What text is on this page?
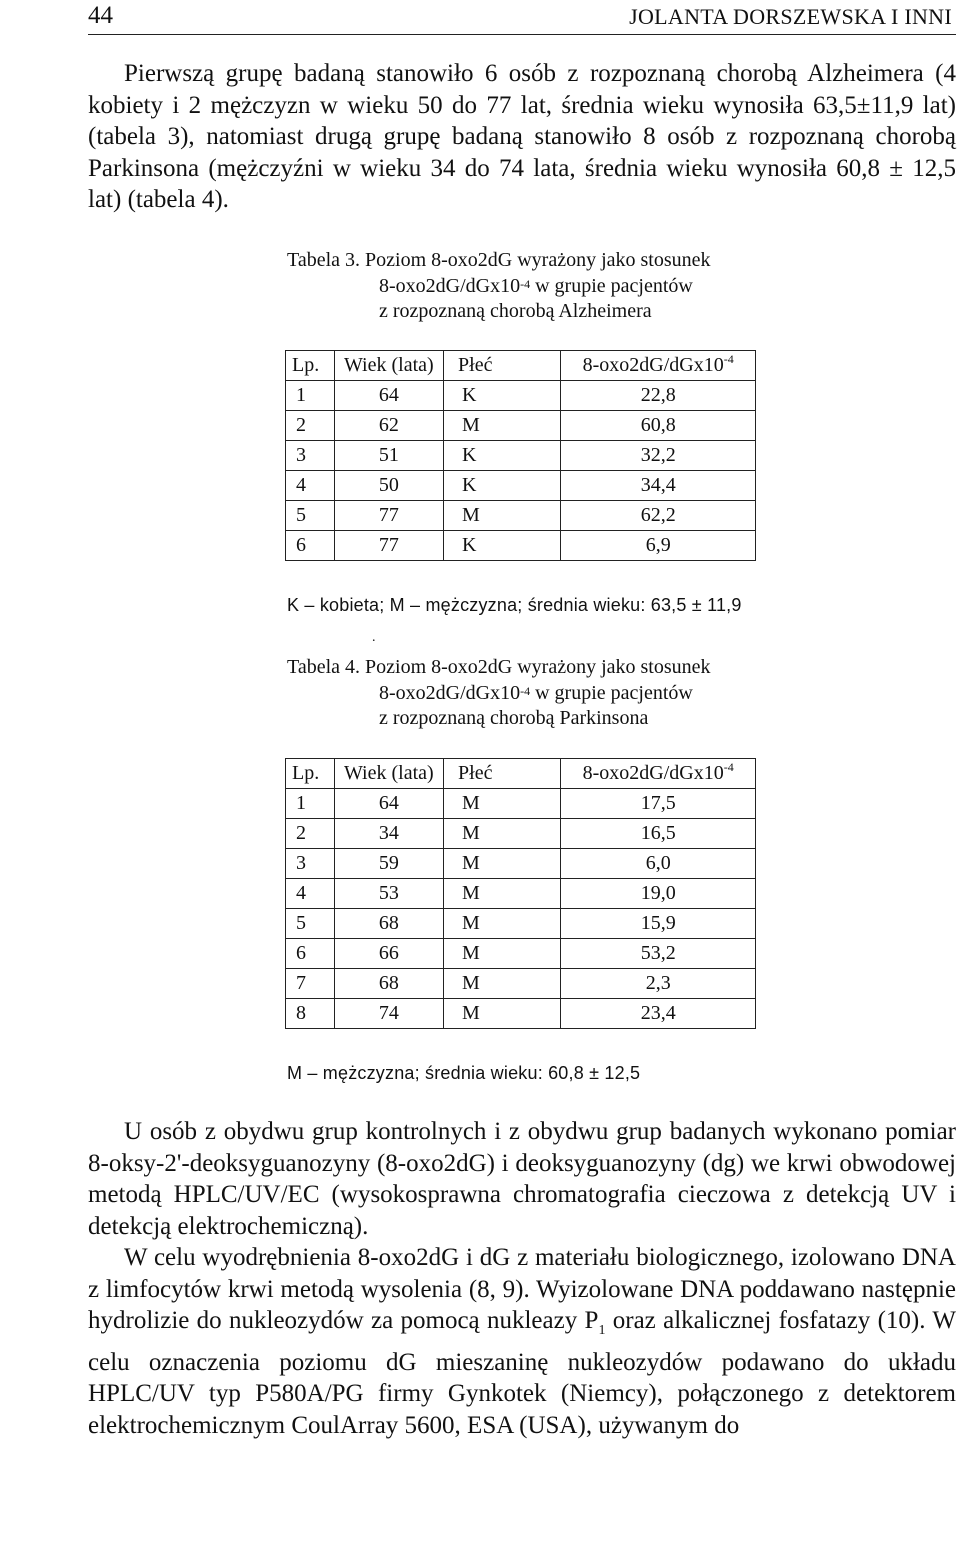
44	JOLANTA DORSZEWSKA I INNI

Pierwszą grupę badaną stanowiło 6 osób z rozpoznaną chorobą Alzheimera (4 kobiety i 2 mężczyzn w wieku 50 do 77 lat, średnia wieku wynosiła 63,5±11,9 lat) (tabela 3), natomiast drugą grupę badaną stanowiło 8 osób z rozpoznaną chorobą Parkinsona (mężczyźni w wieku 34 do 74 lata, średnia wieku wynosiła 60,8 ± 12,5 lat) (tabela 4).

Tabela 3. Poziom 8-oxo2dG wyrażony jako stosunek
$8-oxo2dG/dGx10^{-4}$ w grupie pacjentów
z rozpoznaną chorobą Alzheimera
Lp.	Wiek (lata)	Płeć	$8-oxo2dG/dGx10^{-4}$
1	64	K	22,8
2	62	M	60,8
3	51	K	32,2
4	50	K	34,4
5	77	M	62,2
6	77	K	6,9
K – kobieta; M – mężczyzna; średnia wieku: 63,5 ± 11,9
.
Tabela 4. Poziom 8-oxo2dG wyrażony jako stosunek
$8-oxo2dG/dGx10^{-4}$ w grupie pacjentów
z rozpoznaną chorobą Parkinsona
Lp.	Wiek (lata)	Płeć	$8-oxo2dG/dGx10^{-4}$
1	64	M	17,5
2	34	M	16,5
3	59	M	6,0
4	53	M	19,0
5	68	M	15,9
6	66	M	53,2
7	68	M	2,3
8	74	M	23,4
M – mężczyzna; średnia wieku: 60,8 ± 12,5

U osób z obydwu grup kontrolnych i z obydwu grup badanych wykonano pomiar 8-oksy-2'-deoksyguanozyny (8-oxo2dG) i deoksyguanozyny (dg) we krwi obwodowej metodą HPLC/UV/EC (wysokosprawna chromatografia cieczowa z detekcją UV i detekcją elektrochemiczną).

W celu wyodrębnienia 8-oxo2dG i dG z materiału biologicznego, izolowano DNA z limfocytów krwi metodą wysolenia (8, 9). Wyizolowane DNA poddawano następnie hydrolizie do nukleozydów za pomocą nukleazy $P_1$ oraz alkalicznej fosfatazy (10). W celu oznaczenia poziomu dG mieszaninę nukleozydów podawano do układu HPLC/UV typ P580A/PG firmy Gynkotek (Niemcy), połączonego z detektorem elektrochemicznym CoulArray 5600, ESA (USA), używanym do
